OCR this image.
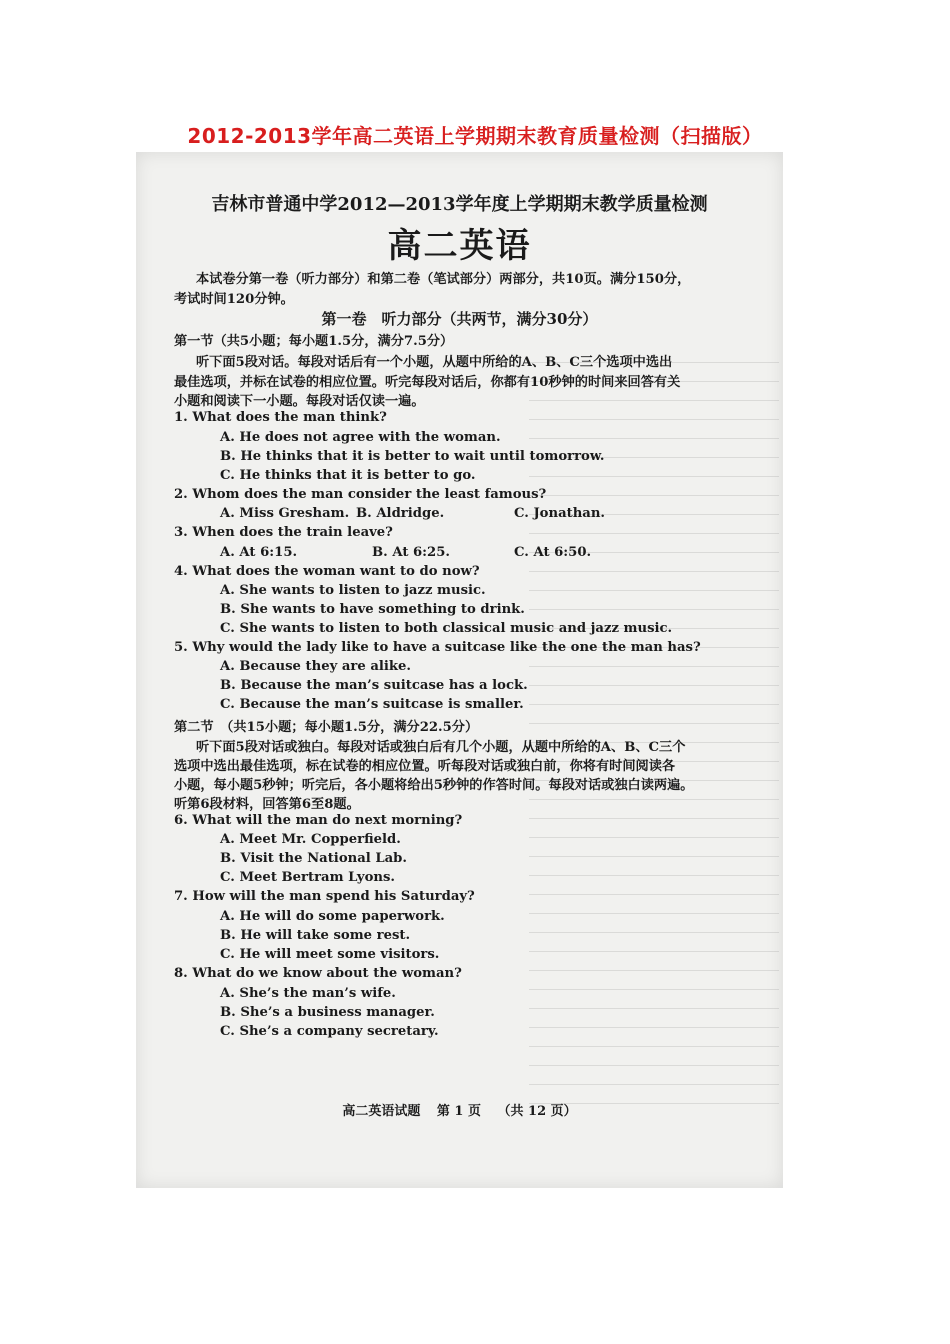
2012-2013学年高二英语上学期期末教育质量检测（扫描版）
吉林市普通中学2012—2013学年度上学期期末教学质量检测
高二英语
本试卷分第一卷（听力部分）和第二卷（笔试部分）两部分，共10页。满分150分，
考试时间120分钟。
第一卷　听力部分（共两节，满分30分）
第一节（共5小题；每小题1.5分，满分7.5分）
听下面5段对话。每段对话后有一个小题，从题中所给的A、B、C三个选项中选出
最佳选项，并标在试卷的相应位置。听完每段对话后，你都有10秒钟的时间来回答有关
小题和阅读下一小题。每段对话仅读一遍。
1. What does the man think?
A. He does not agree with the woman.
B. He thinks that it is better to wait until tomorrow.
C. He thinks that it is better to go.
2. Whom does the man consider the least famous?
A. Miss Gresham. B. Aldridge.	C. Jonathan.
3. When does the train leave?
A. At 6:15.	B. At 6:25.	C. At 6:50.
4. What does the woman want to do now?
A. She wants to listen to jazz music.
B. She wants to have something to drink.
C. She wants to listen to both classical music and jazz music.
5. Why would the lady like to have a suitcase like the one the man has?
A. Because they are alike.
B. Because the man’s suitcase has a lock.
C. Because the man’s suitcase is smaller.
第二节　（共15小题；每小题1.5分，满分22.5分）
听下面5段对话或独白。每段对话或独白后有几个小题，从题中所给的A、B、C三个
选项中选出最佳选项，标在试卷的相应位置。听每段对话或独白前，你将有时间阅读各
小题，每小题5秒钟；听完后，各小题将给出5秒钟的作答时间。每段对话或独白读两遍。
听第6段材料，回答第6至8题。
6. What will the man do next morning?
A. Meet Mr. Copperfield.
B. Visit the National Lab.
C. Meet Bertram Lyons.
7. How will the man spend his Saturday?
A. He will do some paperwork.
B. He will take some rest.
C. He will meet some visitors.
8. What do we know about the woman?
A. She’s the man’s wife.
B. She’s a business manager.
C. She’s a company secretary.
高二英语试题 第 1 页 （共 12 页）
